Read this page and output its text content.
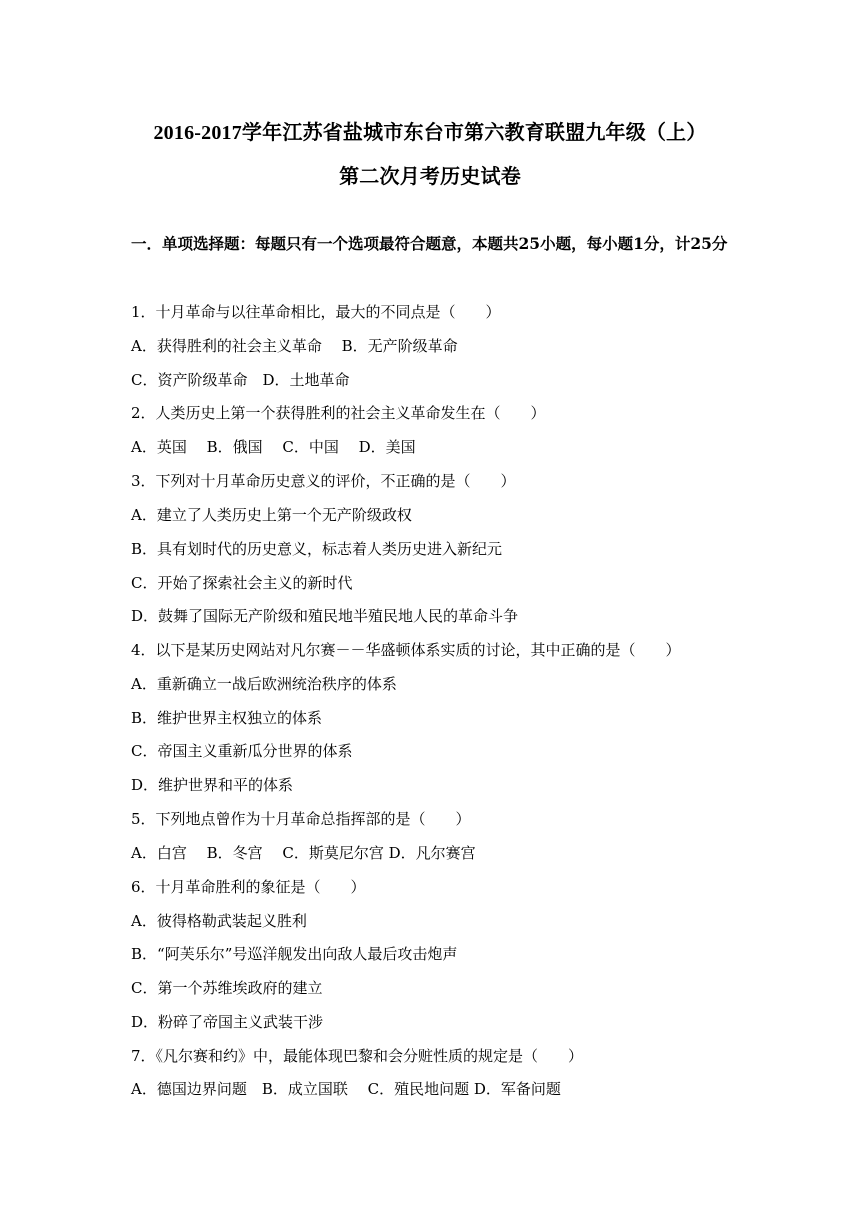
2016-2017学年江苏省盐城市东台市第六教育联盟九年级（上）
第二次月考历史试卷
一．单项选择题：每题只有一个选项最符合题意，本题共25小题，每小题1分，计25分
1．十月革命与以往革命相比，最大的不同点是（　　）
A．获得胜利的社会主义革命　 B．无产阶级革命
C．资产阶级革命　D．土地革命
2．人类历史上第一个获得胜利的社会主义革命发生在（　　）
A．英国　 B．俄国　 C．中国　 D．美国
3．下列对十月革命历史意义的评价，不正确的是（　　）
A．建立了人类历史上第一个无产阶级政权
B．具有划时代的历史意义，标志着人类历史进入新纪元
C．开始了探索社会主义的新时代
D．鼓舞了国际无产阶级和殖民地半殖民地人民的革命斗争
4．以下是某历史网站对凡尔赛－－华盛顿体系实质的讨论，其中正确的是（　　）
A．重新确立一战后欧洲统治秩序的体系
B．维护世界主权独立的体系
C．帝国主义重新瓜分世界的体系
D．维护世界和平的体系
5．下列地点曾作为十月革命总指挥部的是（　　）
A．白宫　 B．冬宫　 C．斯莫尼尔宫 D．凡尔赛宫
6．十月革命胜利的象征是（　　）
A．彼得格勒武装起义胜利
B．“阿芙乐尔”号巡洋舰发出向敌人最后攻击炮声
C．第一个苏维埃政府的建立
D．粉碎了帝国主义武装干涉
7．《凡尔赛和约》中，最能体现巴黎和会分赃性质的规定是（　　）
A．德国边界问题　B．成立国联　 C．殖民地问题 D．军备问题
